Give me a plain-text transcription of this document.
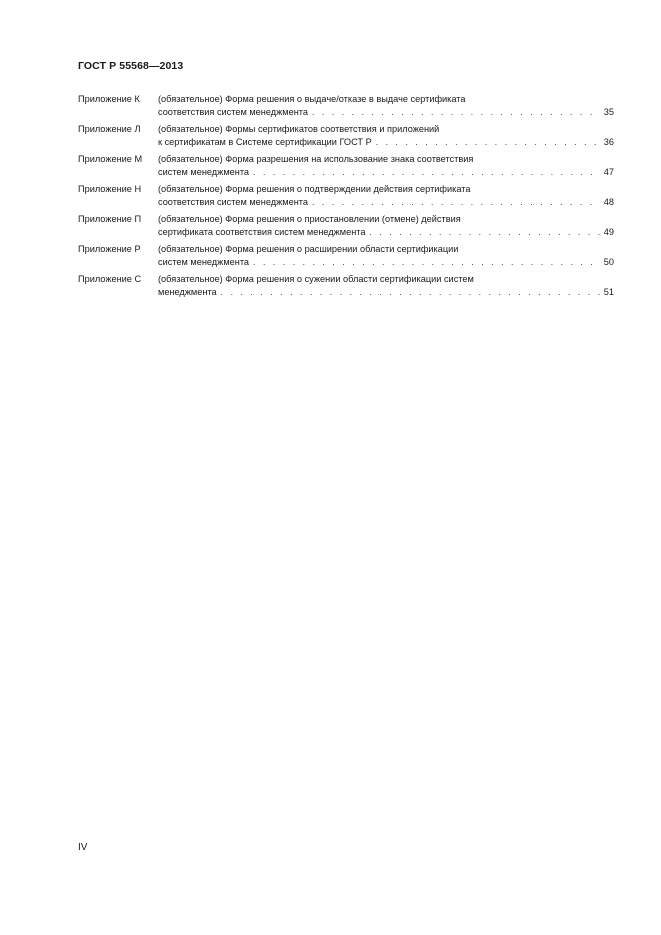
ГОСТ Р 55568—2013
Приложение К (обязательное) Форма решения о выдаче/отказе в выдаче сертификата
соответствия систем менеджмента . . .	35
Приложение Л (обязательное) Формы сертификатов соответствия и приложений
к сертификатам в Системе сертификации ГОСТ Р . . .	36
Приложение М (обязательное) Форма разрешения на использование знака соответствия
систем менеджмента . . .	47
Приложение Н (обязательное) Форма решения о подтверждении действия сертификата
соответствия систем менеджмента . . .	48
Приложение П (обязательное) Форма решения о приостановлении (отмене) действия
сертификата соответствия систем менеджмента . . .	49
Приложение Р (обязательное) Форма решения о расширении области сертификации
систем менеджмента . . .	50
Приложение С (обязательное) Форма решения о сужении области сертификации систем
менеджмента . . .	51
IV
